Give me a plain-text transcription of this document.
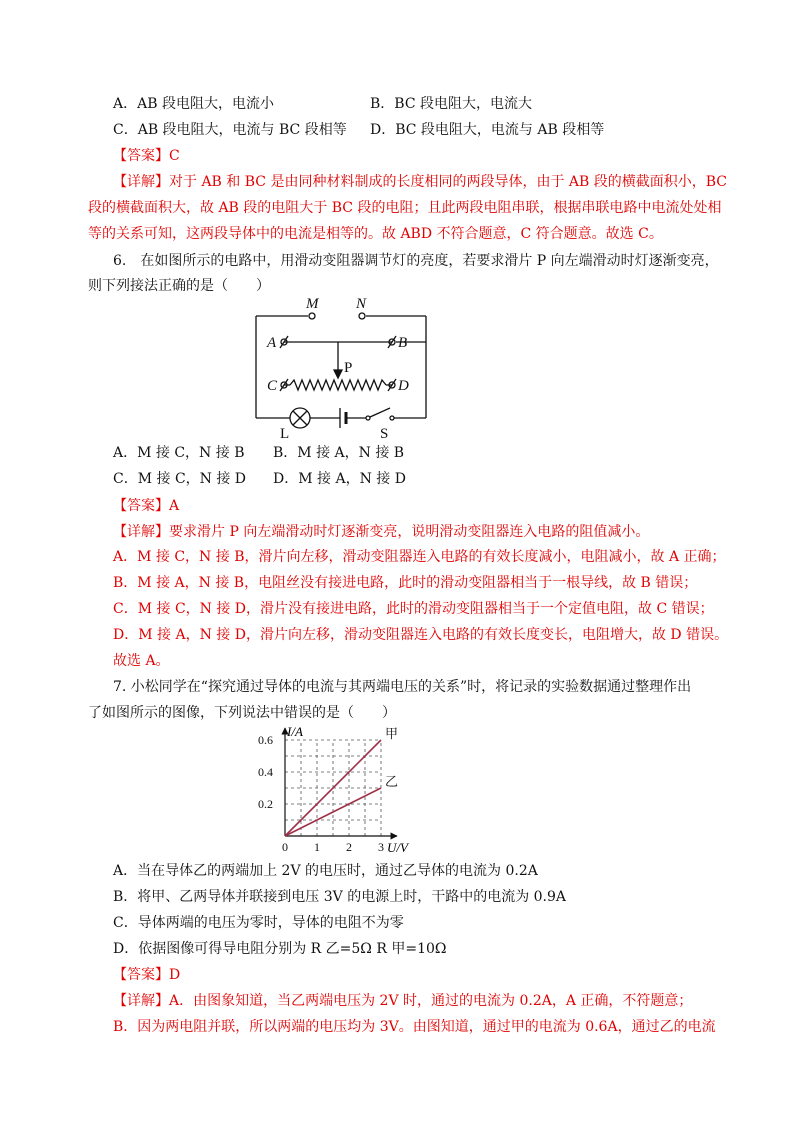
A．AB 段电阻大，电流小	B．BC 段电阻大，电流大
C．AB 段电阻大，电流与 BC 段相等 D．BC 段电阻大，电流与 AB 段相等
【答案】C
【详解】对于 AB 和 BC 是由同种材料制成的长度相同的两段导体，由于 AB 段的横截面积小，BC
段的横截面积大，故 AB 段的电阻大于 BC 段的电阻；且此两段电阻串联，根据串联电路中电流处处相
等的关系可知，这两段导体中的电流是相等的。故 ABD 不符合题意，C 符合题意。故选 C。
6.　在如图所示的电路中，用滑动变阻器调节灯的亮度，若要求滑片 P 向左端滑动时灯逐渐变亮，
则下列接法正确的是（　　）
M	N
A	B
C	D
P
L	S
A．M 接 C，N 接 B B．M 接 A，N 接 B
C．M 接 C，N 接 D D．M 接 A，N 接 D
【答案】A
【详解】要求滑片 P 向左端滑动时灯逐渐变亮，说明滑动变阻器连入电路的阻值减小。
A．M 接 C，N 接 B，滑片向左移，滑动变阻器连入电路的有效长度减小，电阻减小，故 A 正确；
B．M 接 A，N 接 B，电阻丝没有接进电路，此时的滑动变阻器相当于一根导线，故 B 错误；
C．M 接 C，N 接 D，滑片没有接进电路，此时的滑动变阻器相当于一个定值电阻，故 C 错误；
D．M 接 A，N 接 D，滑片向左移，滑动变阻器连入电路的有效长度变长，电阻增大，故 D 错误。
故选 A。
7. 小松同学在“探究通过导体的电流与其两端电压的关系”时，将记录的实验数据通过整理作出
了如图所示的图像，下列说法中错误的是（　　）
甲
乙
0 1 2 3
0.2
0.4
0.6
I/A
U/V
A．当在导体乙的两端加上 2V 的电压时，通过乙导体的电流为 0.2A
B．将甲、乙两导体并联接到电压 3V 的电源上时，干路中的电流为 0.9A
C．导体两端的电压为零时，导体的电阻不为零
D．依据图像可得导电阻分别为 R 乙=5Ω R 甲=10Ω
【答案】D
【详解】A．由图象知道，当乙两端电压为 2V 时，通过的电流为 0.2A，A 正确，不符题意；
B．因为两电阻并联，所以两端的电压均为 3V。由图知道，通过甲的电流为 0.6A，通过乙的电流
